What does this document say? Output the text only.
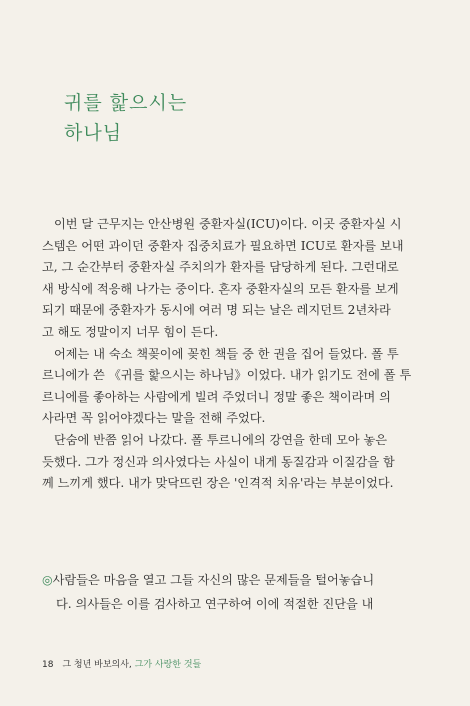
귀를 핥으시는
하나님
이번 달 근무지는 안산병원 중환자실(ICU)이다. 이곳 중환자실 시
스템은 어떤 과이던 중환자 집중치료가 필요하면 ICU로 환자를 보내
고, 그 순간부터 중환자실 주치의가 환자를 담당하게 된다. 그런대로
새 방식에 적응해 나가는 중이다. 혼자 중환자실의 모든 환자를 보게
되기 때문에 중환자가 동시에 여러 명 되는 날은 레지던트 2년차라
고 해도 정말이지 너무 힘이 든다.
어제는 내 숙소 책꽂이에 꽂힌 책들 중 한 권을 집어 들었다. 폴 투
르니에가 쓴 《귀를 핥으시는 하나님》이었다. 내가 읽기도 전에 폴 투
르니에를 좋아하는 사람에게 빌려 주었더니 정말 좋은 책이라며 의
사라면 꼭 읽어야겠다는 말을 전해 주었다.
단숨에 반쯤 읽어 나갔다. 폴 투르니에의 강연을 한데 모아 놓은
듯했다. 그가 정신과 의사였다는 사실이 내게 동질감과 이질감을 함
께 느끼게 했다. 내가 맞닥뜨린 장은 '인격적 치유'라는 부분이었다.
◎사람들은 마음을 열고 그들 자신의 많은 문제들을 털어놓습니
다. 의사들은 이를 검사하고 연구하여 이에 적절한 진단을 내
18 그 청년 바보의사, 그가 사랑한 것들
